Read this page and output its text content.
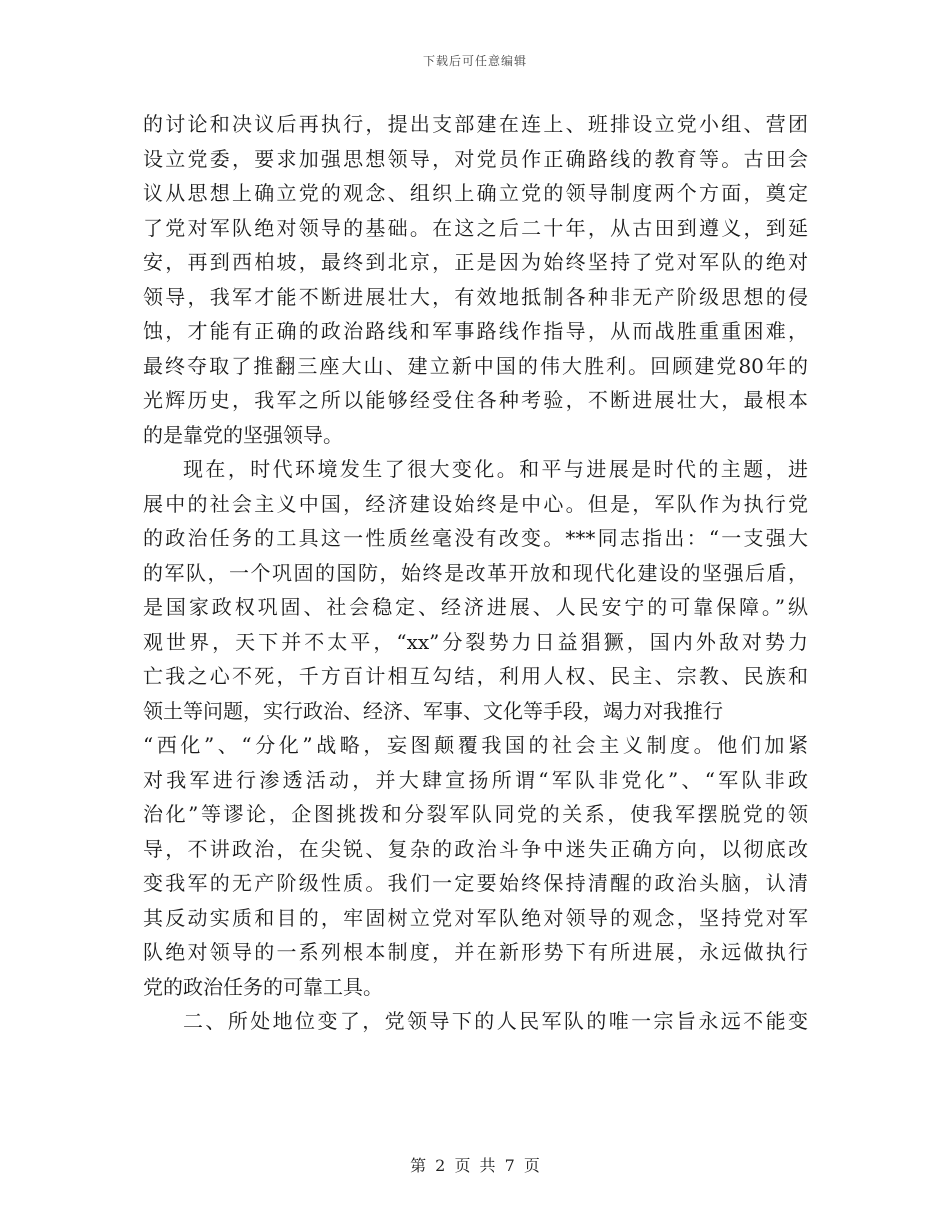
下载后可任意编辑
的讨论和决议后再执行，提出支部建在连上、班排设立党小组、营团
设立党委，要求加强思想领导，对党员作正确路线的教育等。古田会
议从思想上确立党的观念、组织上确立党的领导制度两个方面，奠定
了党对军队绝对领导的基础。在这之后二十年，从古田到遵义，到延
安，再到西柏坡，最终到北京，正是因为始终坚持了党对军队的绝对
领导，我军才能不断进展壮大，有效地抵制各种非无产阶级思想的侵
蚀，才能有正确的政治路线和军事路线作指导，从而战胜重重困难，
最终夺取了推翻三座大山、建立新中国的伟大胜利。回顾建党80年的
光辉历史，我军之所以能够经受住各种考验，不断进展壮大，最根本
的是靠党的坚强领导。
现在，时代环境发生了很大变化。和平与进展是时代的主题，进
展中的社会主义中国，经济建设始终是中心。但是，军队作为执行党
的政治任务的工具这一性质丝毫没有改变。***同志指出：“一支强大
的军队，一个巩固的国防，始终是改革开放和现代化建设的坚强后盾，
是国家政权巩固、社会稳定、经济进展、人民安宁的可靠保障。”纵
观世界，天下并不太平，“xx”分裂势力日益猖獗，国内外敌对势力
亡我之心不死，千方百计相互勾结，利用人权、民主、宗教、民族和
领土等问题，实行政治、经济、军事、文化等手段，竭力对我推行
“西化”、“分化”战略，妄图颠覆我国的社会主义制度。他们加紧
对我军进行渗透活动，并大肆宣扬所谓“军队非党化”、“军队非政
治化”等谬论，企图挑拨和分裂军队同党的关系，使我军摆脱党的领
导，不讲政治，在尖锐、复杂的政治斗争中迷失正确方向，以彻底改
变我军的无产阶级性质。我们一定要始终保持清醒的政治头脑，认清
其反动实质和目的，牢固树立党对军队绝对领导的观念，坚持党对军
队绝对领导的一系列根本制度，并在新形势下有所进展，永远做执行
党的政治任务的可靠工具。
二、所处地位变了，党领导下的人民军队的唯一宗旨永远不能变
第 2 页 共 7 页
